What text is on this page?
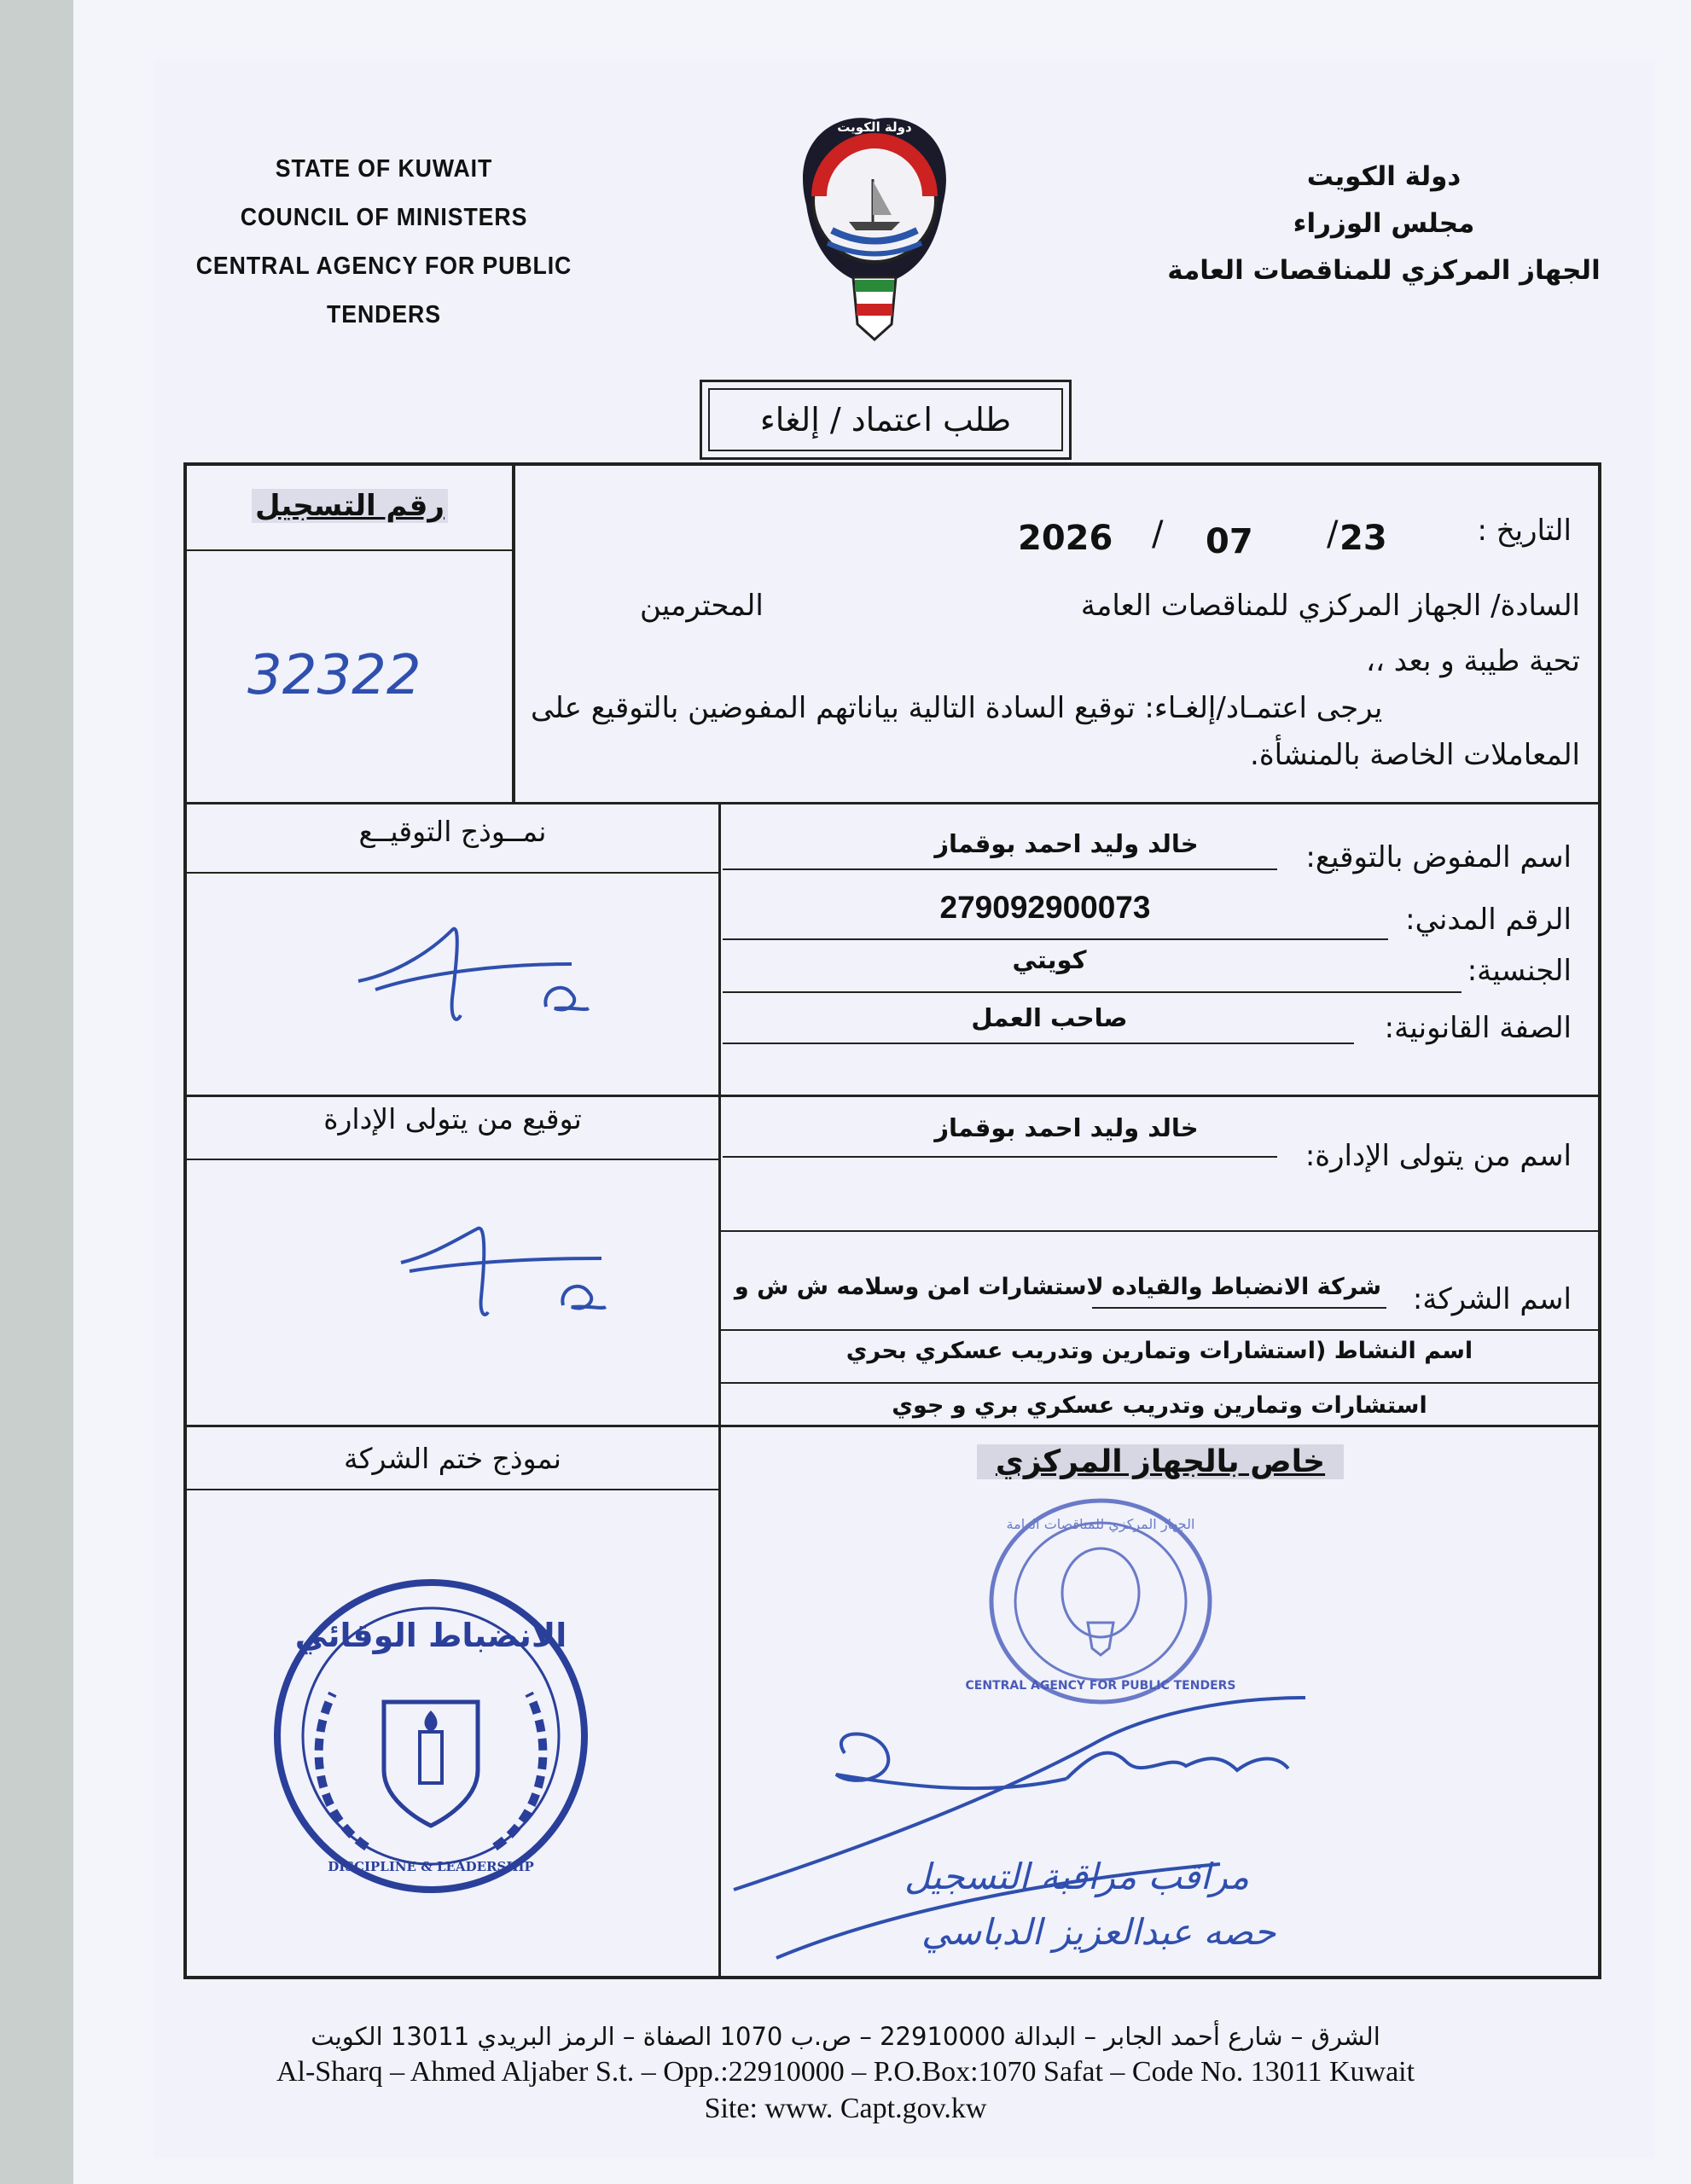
STATE OF KUWAIT
COUNCIL OF MINISTERS
CENTRAL AGENCY FOR PUBLIC TENDERS
دولة الكويت
دولة الكويت
مجلس الوزراء
الجهاز المركزي للمناقصات العامة
طلب اعتماد / إلغاء
رقم التسجيل
32322
التاريخ :
23
/
07
/
2026
السادة/ الجهاز المركزي للمناقصات العامة
المحترمين
تحية طيبة و بعد ،،
يرجى اعتمـاد/إلغـاء: توقيع السادة التالية بياناتهم المفوضين بالتوقيع على
المعاملات الخاصة بالمنشأة.
اسم المفوض بالتوقيع:
خالد وليد احمد بوقماز
الرقم المدني:
279092900073
الجنسية:
كويتي
الصفة القانونية:
صاحب العمل
نمــوذج التوقيــع
اسم من يتولى الإدارة:
خالد وليد احمد بوقماز
توقيع من يتولى الإدارة
اسم الشركة:
شركة الانضباط والقياده لاستشارات امن وسلامه ش ش و
اسم النشاط (استشارات وتمارين وتدريب عسكري بحري
استشارات وتمارين وتدريب عسكري بري و جوي
نموذج ختم الشركة
الانضباط الوقائي
DISCIPLINE & LEADERSHIP
خاص بالجهاز المركزي
الجهاز المركزي للمناقصات العامة
CENTRAL AGENCY FOR PUBLIC TENDERS
مراقب مراقبة التسجيل
حصه عبدالعزيز الدباسي
الشرق – شارع أحمد الجابر – البدالة 22910000 – ص.ب 1070 الصفاة – الرمز البريدي 13011 الكويت
Al-Sharq – Ahmed Aljaber S.t. – Opp.:22910000 – P.O.Box:1070 Safat – Code No. 13011 Kuwait
Site: www. Capt.gov.kw
